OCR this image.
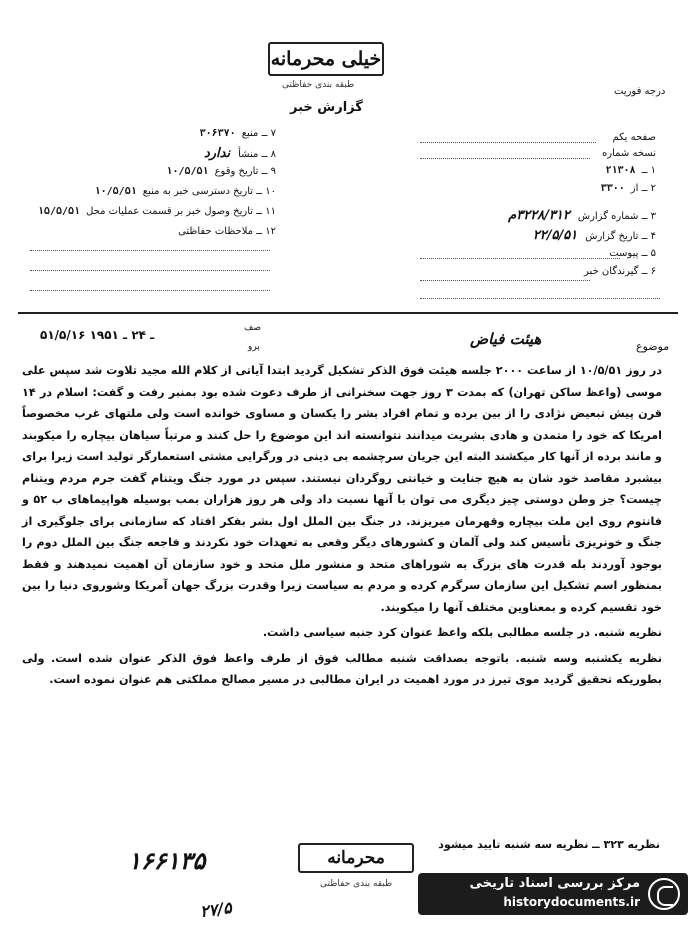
خیلی محرمانه
طبقه بندی حفاظتی
درجه فوریت
گزارش خبر
صفحه یکم
نسخه شماره
۱ ــ۲۱۳۰۸
۲ ــ از۳۳۰۰
۳ ــ شماره گزارش۳۲۲۸/۳۱۲م
۴ ــ تاریخ گزارش۲۲/۵/۵۱
۵ ــ پیوست
۶ ــ گیرندگان خبر
۷ ــ منبع۳۰۶۳۷۰
۸ ــ منشأندارد
۹ ــ تاریخ وقوع۱۰/۵/۵۱
۱۰ ــ تاریخ دسترسی خبر به منبع۱۰/۵/۵۱
۱۱ ــ تاریخ وصول خبر بر قسمت عملیات محل۱۵/۵/۵۱
۱۲ ــ ملاحظات حفاظتی
موضوع
هیئت فیاض
صف
پرو
۵۱/۵/۱۶ ـ ۲۴ ـ ۱۹۵۱

در روز ۱۰/۵/۵۱ از ساعت ۲۰۰۰ جلسه هیئت فوق الذکر تشکیل گردید ابتدا آیاتی از کلام الله مجید تلاوت شد سپس علی موسی (واعظ ساکن تهران) که بمدت ۳ روز جهت سخنرانی از طرف دعوت شده بود بمنبر رفت و گفت: اسلام در ۱۴ قرن پیش تبعیض نژادی را از بین برده و تمام افراد بشر را یکسان و مساوی خوانده است ولی ملتهای غرب مخصوصاً امریکا که خود را متمدن و هادی بشریت میدانند نتوانسته اند این موضوع را حل کنند و مرتباً سیاهان بیچاره را میکوبند و مانند برده از آنها کار میکشند البته این جریان سرچشمه بی دینی در ورگرایی مشتی استعمارگر تولید است زیرا برای بیشبرد مقاصد خود شان به هیچ جنایت و خیانتی روگردان نیستند. سپس در مورد جنگ ویتنام گفت جرم مردم ویتنام چیست؟ جز وطن دوستی چیز دیگری می توان با آنها نسبت داد ولی هر روز هزاران بمب بوسیله هواپیماهای ب ۵۲ و فانتوم روی این ملت بیچاره وقهرمان میریزند. در جنگ بین الملل اول بشر بفکر افتاد که سازمانی برای جلوگیری از جنگ و خونریزی تأسیس کند ولی آلمان و کشورهای دیگر وقعی به تعهدات خود نکردند و فاجعه جنگ بین الملل دوم را بوجود آوردند بله قدرت های بزرگ به شوراهای متحد و منشور ملل متحد و خود سازمان آن اهمیت نمیدهند و فقط بمنظور اسم تشکیل این سازمان سرگرم کرده و مردم به سیاست زیرا وقدرت بزرگ جهان آمریکا وشوروی دنیا را بین خود تقسیم کرده و بمعناوین مختلف آنها را میکوبند.

نظریه شنبه. در جلسه مطالبی بلکه واعظ عنوان کرد جنبه سیاسی داشت.

نظریه یکشنبه وسه شنبه. باتوجه بصداقت شنبه مطالب فوق از طرف واعظ فوق الذکر عنوان شده است. ولی بطوریکه تحقیق گردید موی تیرز در مورد اهمیت در ایران مطالبی در مسیر مصالح مملکتی هم عنوان نموده است.

نظریه ۳۲۳ ــ نظریه سه شنبه تایید میشود
محرمانه
طبقه بندی حفاظتی
۱۶۶۱۳۵
۲۷/۵
مرکز بررسی اسناد تاریخی
historydocuments.ir
